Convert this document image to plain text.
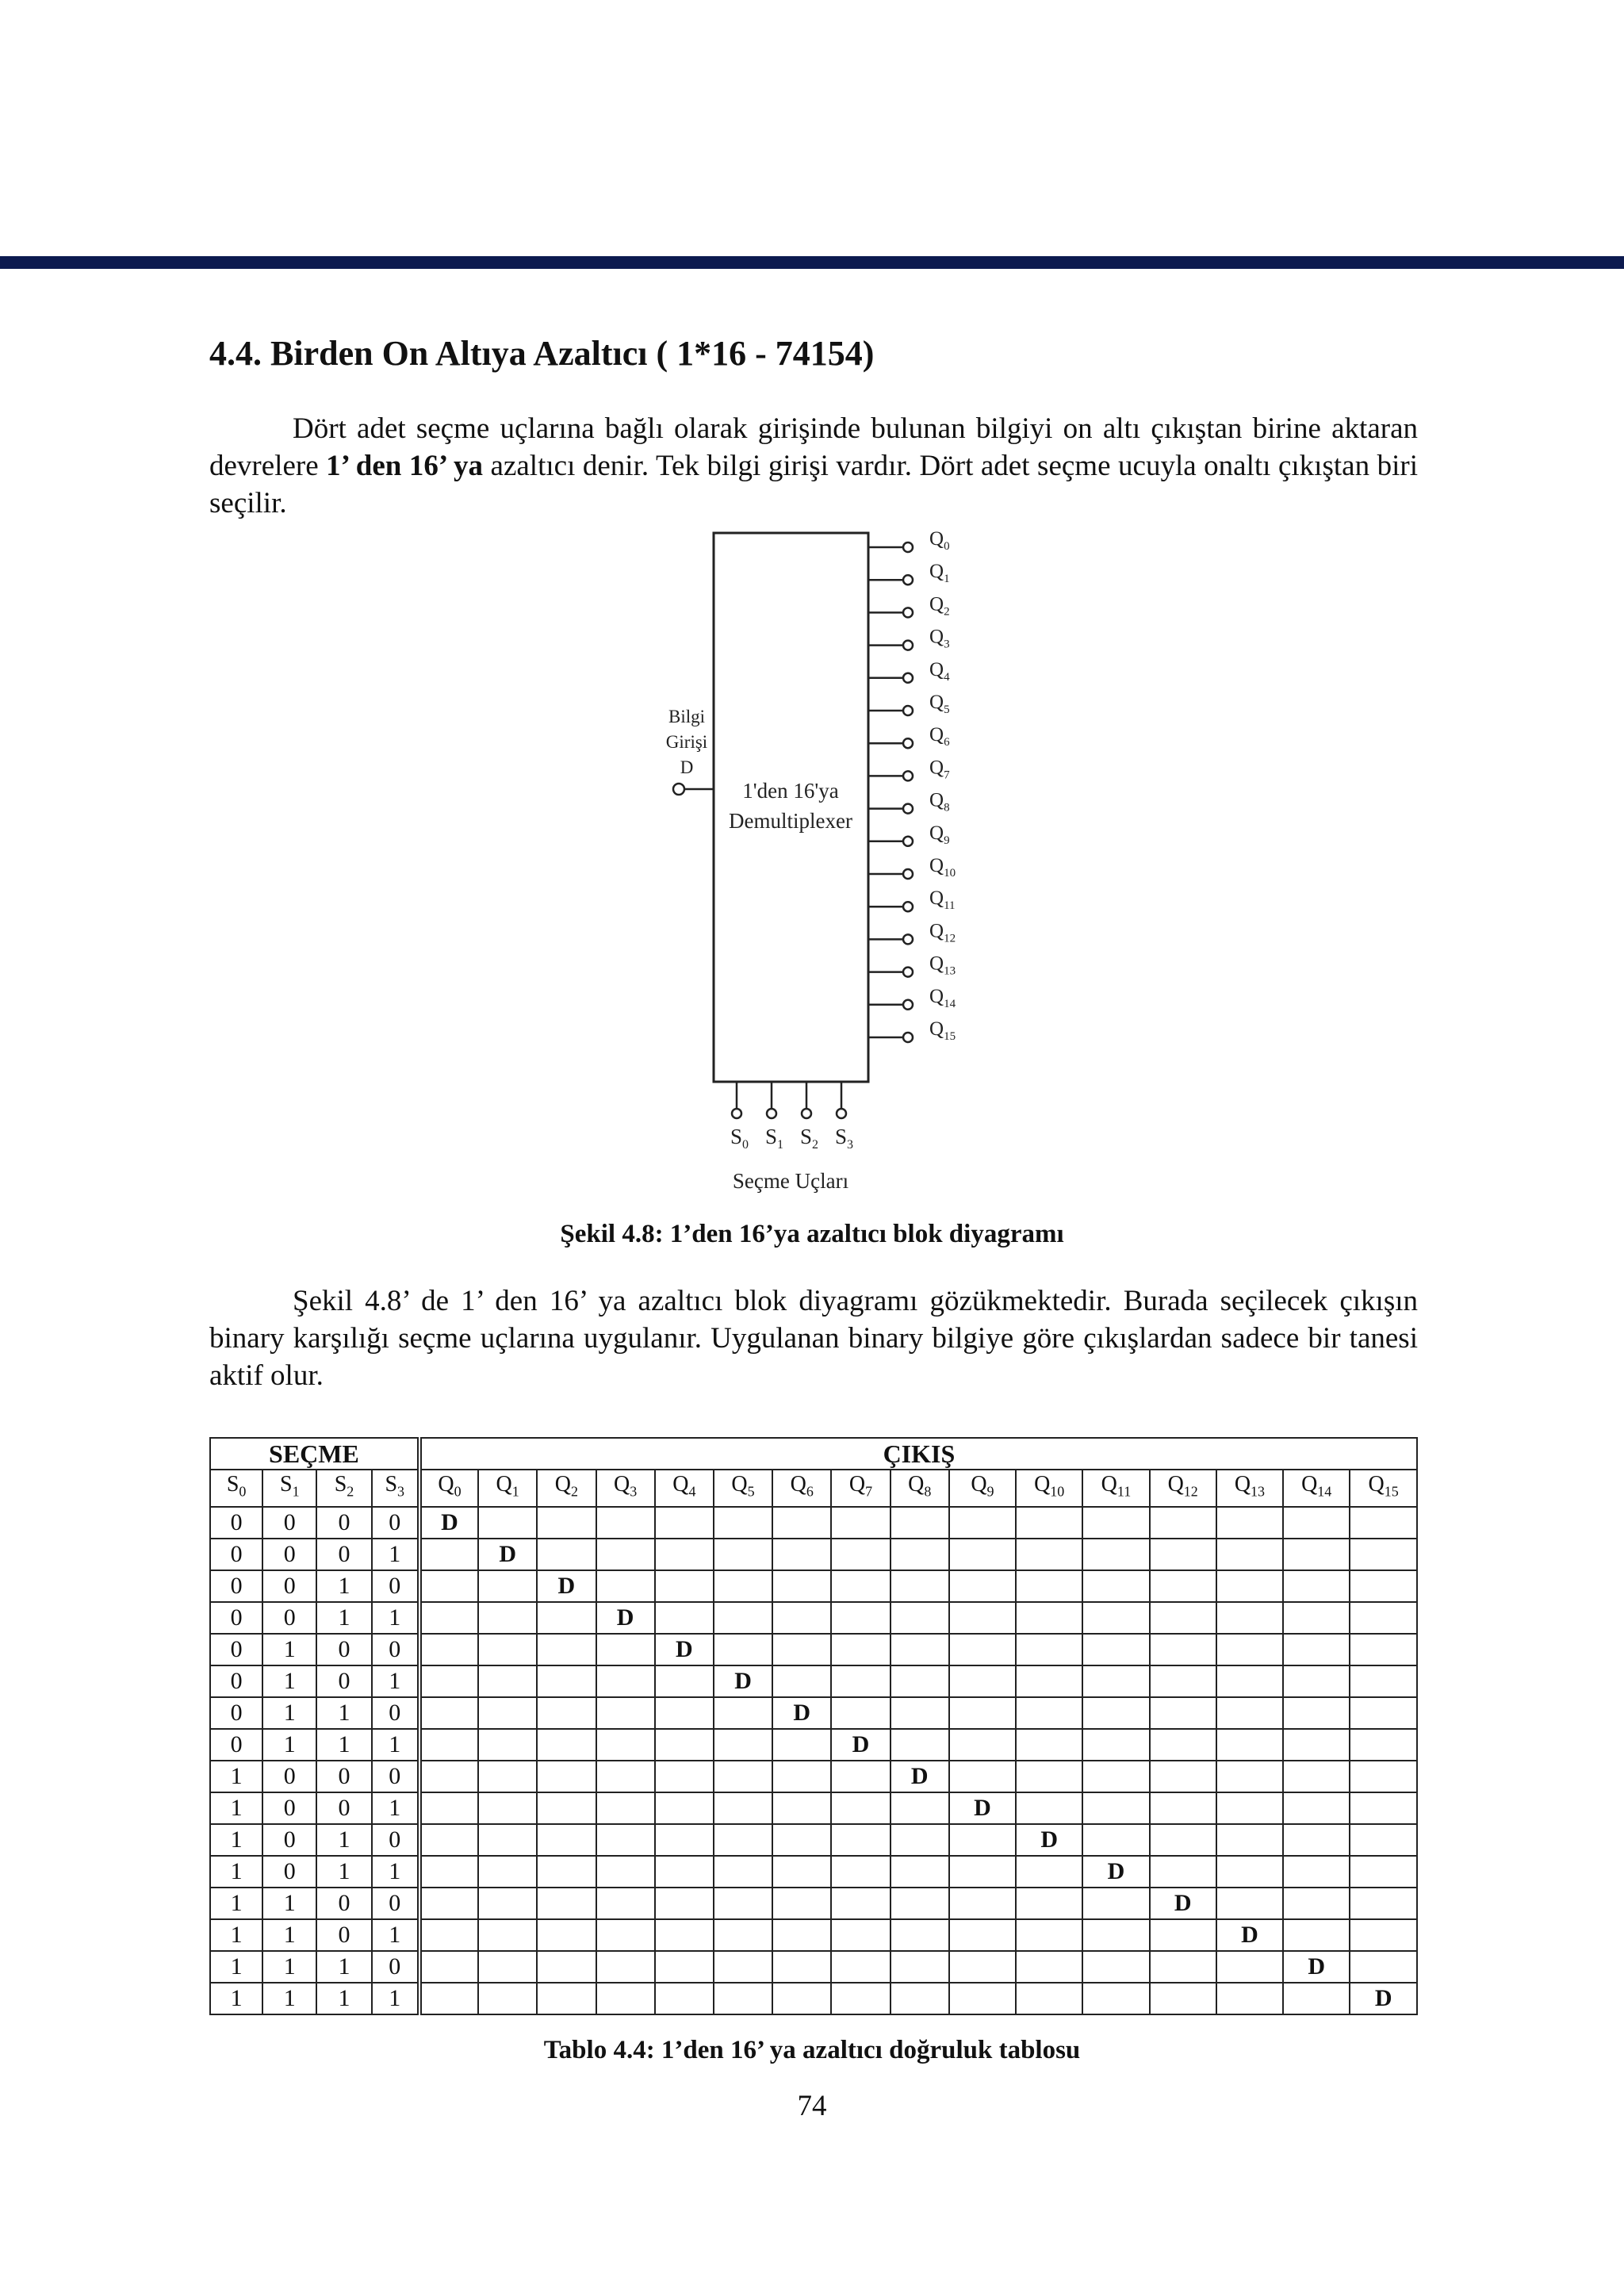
4.4. Birden On Altıya Azaltıcı ( 1*16 - 74154)

Dört adet seçme uçlarına bağlı olarak girişinde bulunan bilgiyi on altı çıkıştan birine aktaran devrelere 1’ den 16’ ya azaltıcı denir. Tek bilgi girişi vardır. Dört adet seçme ucuyla onaltı çıkıştan biri seçilir.

1'den 16'ya
Demultiplexer
Bilgi
Girişi
D
$Q_0$
$Q_1$
$Q_2$
$Q_3$
$Q_4$
$Q_5$
$Q_6$
$Q_7$
$Q_8$
$Q_9$
$Q_{10}$
$Q_{11}$
$Q_{12}$
$Q_{13}$
$Q_{14}$
$Q_{15}$
$S_0$ $S_1$ $S_2$ $S_3$
Seçme Uçları

Şekil 4.8: 1’den 16’ya azaltıcı blok diyagramı

Şekil 4.8’ de 1’ den 16’ ya azaltıcı blok diyagramı gözükmektedir. Burada seçilecek çıkışın binary karşılığı seçme uçlarına uygulanır. Uygulanan binary bilgiye göre çıkışlardan sadece bir tanesi aktif olur.

SEÇME				ÇIKIŞ															
$S_0$	$S_1$	$S_2$	$S_3$	$Q_0$	$Q_1$	$Q_2$	$Q_3$	$Q_4$	$Q_5$	$Q_6$	$Q_7$	$Q_8$	$Q_9$	$Q_{10}$	$Q_{11}$	$Q_{12}$	$Q_{13}$	$Q_{14}$	$Q_{15}$
0	0	0	0	D															
0	0	0	1		D														
0	0	1	0			D													
0	0	1	1				D												
0	1	0	0					D											
0	1	0	1						D										
0	1	1	0							D									
0	1	1	1								D								
1	0	0	0									D							
1	0	0	1										D						
1	0	1	0											D					
1	0	1	1												D				
1	1	0	0													D			
1	1	0	1														D		
1	1	1	0															D	
1	1	1	1																D

Tablo 4.4: 1’den 16’ ya azaltıcı doğruluk tablosu

74
